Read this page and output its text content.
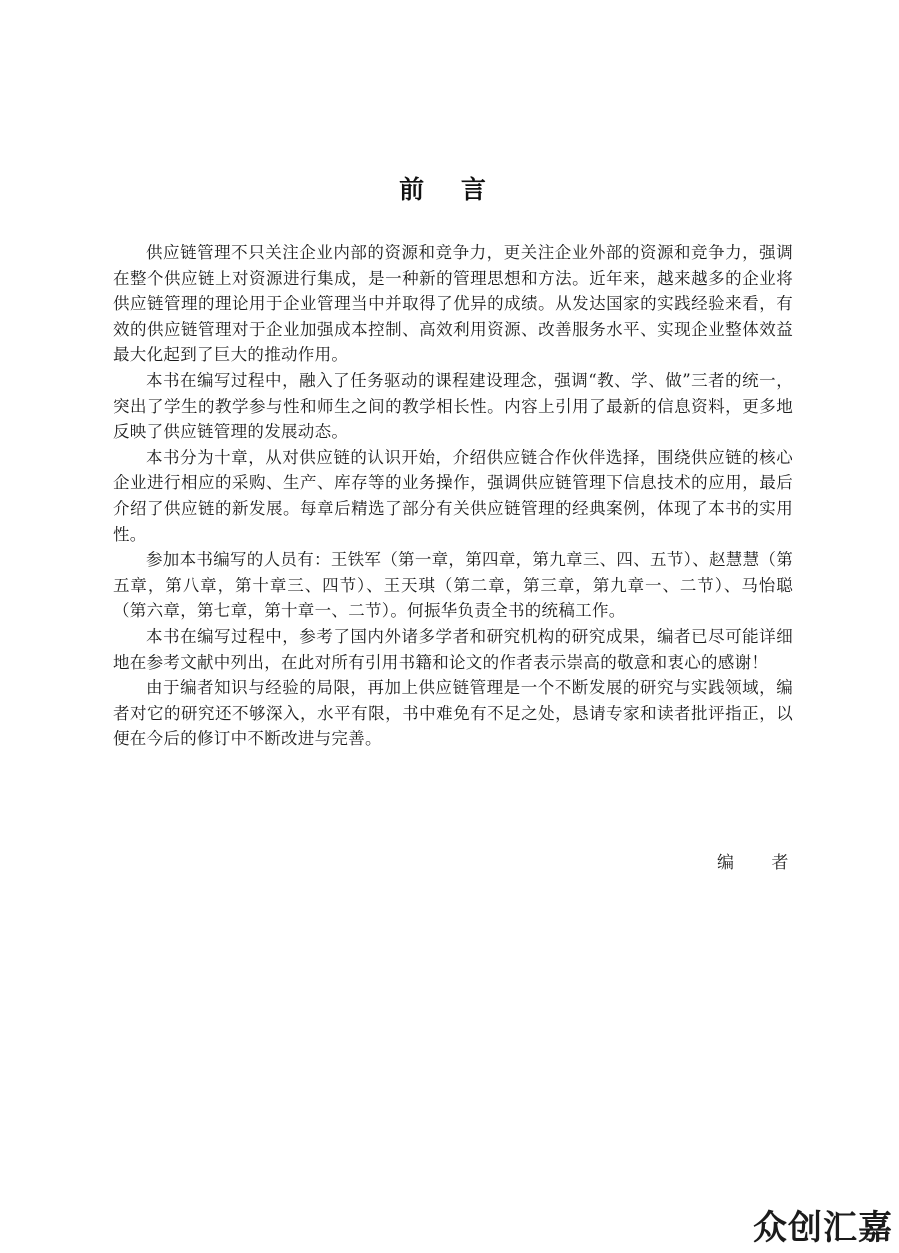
前 言

供应链管理不只关注企业内部的资源和竞争力，更关注企业外部的资源和竞争力，强调在整个供应链上对资源进行集成，是一种新的管理思想和方法。近年来，越来越多的企业将供应链管理的理论用于企业管理当中并取得了优异的成绩。从发达国家的实践经验来看，有效的供应链管理对于企业加强成本控制、高效利用资源、改善服务水平、实现企业整体效益最大化起到了巨大的推动作用。

本书在编写过程中，融入了任务驱动的课程建设理念，强调“教、学、做”三者的统一，突出了学生的教学参与性和师生之间的教学相长性。内容上引用了最新的信息资料，更多地反映了供应链管理的发展动态。

本书分为十章，从对供应链的认识开始，介绍供应链合作伙伴选择，围绕供应链的核心企业进行相应的采购、生产、库存等的业务操作，强调供应链管理下信息技术的应用，最后介绍了供应链的新发展。每章后精选了部分有关供应链管理的经典案例，体现了本书的实用性。

参加本书编写的人员有：王铁军（第一章，第四章，第九章三、四、五节）、赵慧慧（第五章，第八章，第十章三、四节）、王天琪（第二章，第三章，第九章一、二节）、马怡聪（第六章，第七章，第十章一、二节）。何振华负责全书的统稿工作。

本书在编写过程中，参考了国内外诸多学者和研究机构的研究成果，编者已尽可能详细地在参考文献中列出，在此对所有引用书籍和论文的作者表示崇高的敬意和衷心的感谢！

由于编者知识与经验的局限，再加上供应链管理是一个不断发展的研究与实践领域，编者对它的研究还不够深入，水平有限，书中难免有不足之处，恳请专家和读者批评指正，以便在今后的修订中不断改进与完善。

编 者
众创汇嘉
